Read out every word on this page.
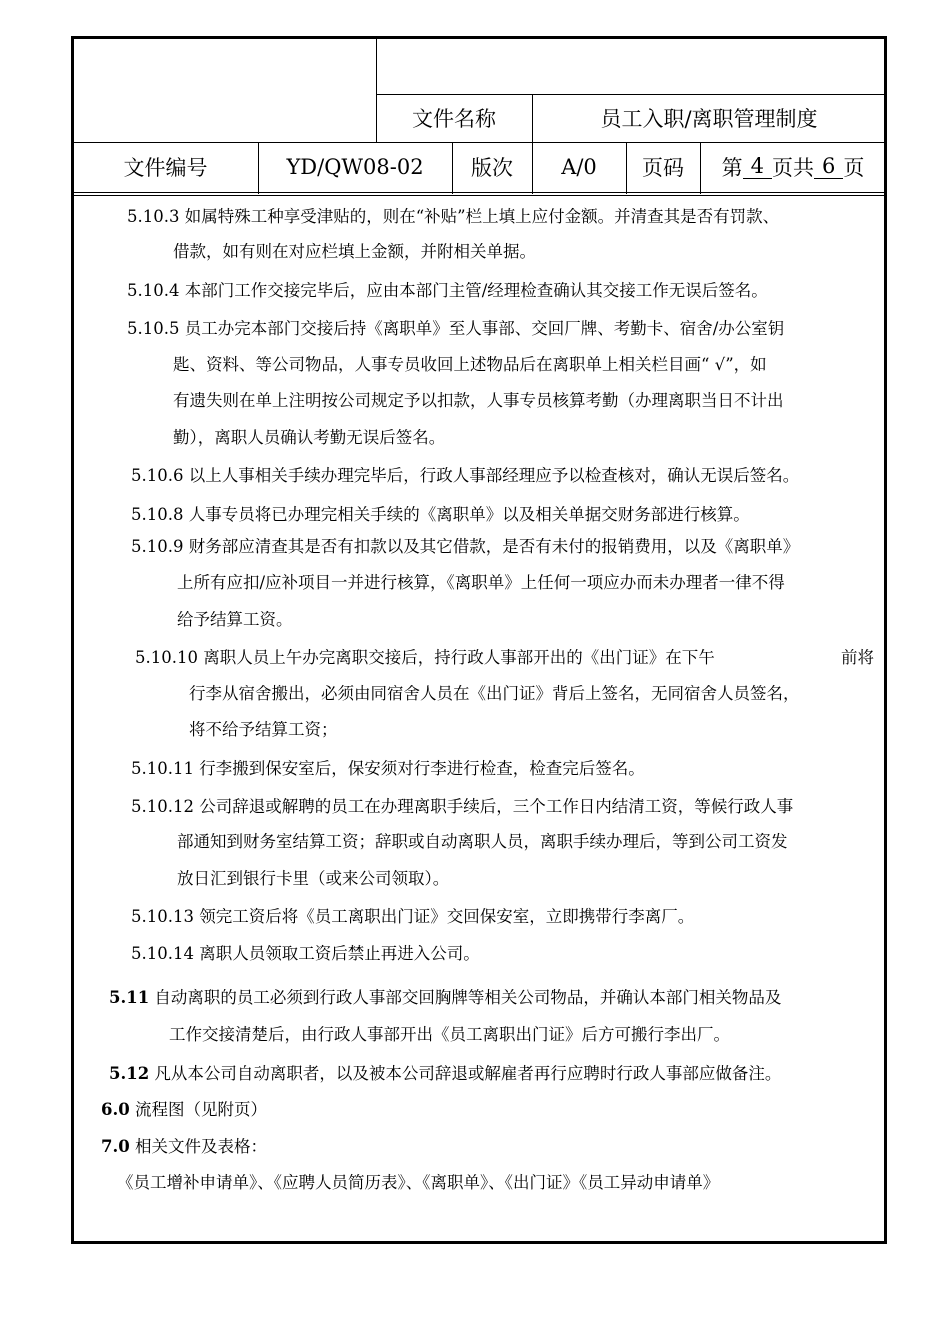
文件名称	员工入职/离职管理制度
文件编号	YD/QW08-02	版次	A/0	页码	第 4 页共 6 页
5.10.3 如属特殊工种享受津贴的，则在“补贴”栏上填上应付金额。并清查其是否有罚款、
借款，如有则在对应栏填上金额，并附相关单据。
5.10.4 本部门工作交接完毕后，应由本部门主管/经理检查确认其交接工作无误后签名。
5.10.5 员工办完本部门交接后持《离职单》至人事部、交回厂牌、考勤卡、宿舍/办公室钥
匙、资料、等公司物品，人事专员收回上述物品后在离职单上相关栏目画“ √”，如
有遗失则在单上注明按公司规定予以扣款，人事专员核算考勤（办理离职当日不计出
勤），离职人员确认考勤无误后签名。
5.10.6 以上人事相关手续办理完毕后，行政人事部经理应予以检查核对，确认无误后签名。
5.10.8 人事专员将已办理完相关手续的《离职单》以及相关单据交财务部进行核算。
5.10.9 财务部应清查其是否有扣款以及其它借款，是否有未付的报销费用，以及《离职单》
上所有应扣/应补项目一并进行核算，《离职单》上任何一项应办而未办理者一律不得
给予结算工资。
5.10.10 离职人员上午办完离职交接后，持行政人事部开出的《出门证》在下午	前将
行李从宿舍搬出，必须由同宿舍人员在《出门证》背后上签名，无同宿舍人员签名，
将不给予结算工资；
5.10.11 行李搬到保安室后，保安须对行李进行检查，检查完后签名。
5.10.12 公司辞退或解聘的员工在办理离职手续后，三个工作日内结清工资，等候行政人事
部通知到财务室结算工资；辞职或自动离职人员，离职手续办理后，等到公司工资发
放日汇到银行卡里（或来公司领取）。
5.10.13 领完工资后将《员工离职出门证》交回保安室，立即携带行李离厂。
5.10.14 离职人员领取工资后禁止再进入公司。
5.11 自动离职的员工必须到行政人事部交回胸牌等相关公司物品，并确认本部门相关物品及
工作交接清楚后，由行政人事部开出《员工离职出门证》后方可搬行李出厂。
5.12 凡从本公司自动离职者，以及被本公司辞退或解雇者再行应聘时行政人事部应做备注。
6.0 流程图（见附页）
7.0 相关文件及表格：
《员工增补申请单》、《应聘人员简历表》、《离职单》、《出门证》《员工异动申请单》
